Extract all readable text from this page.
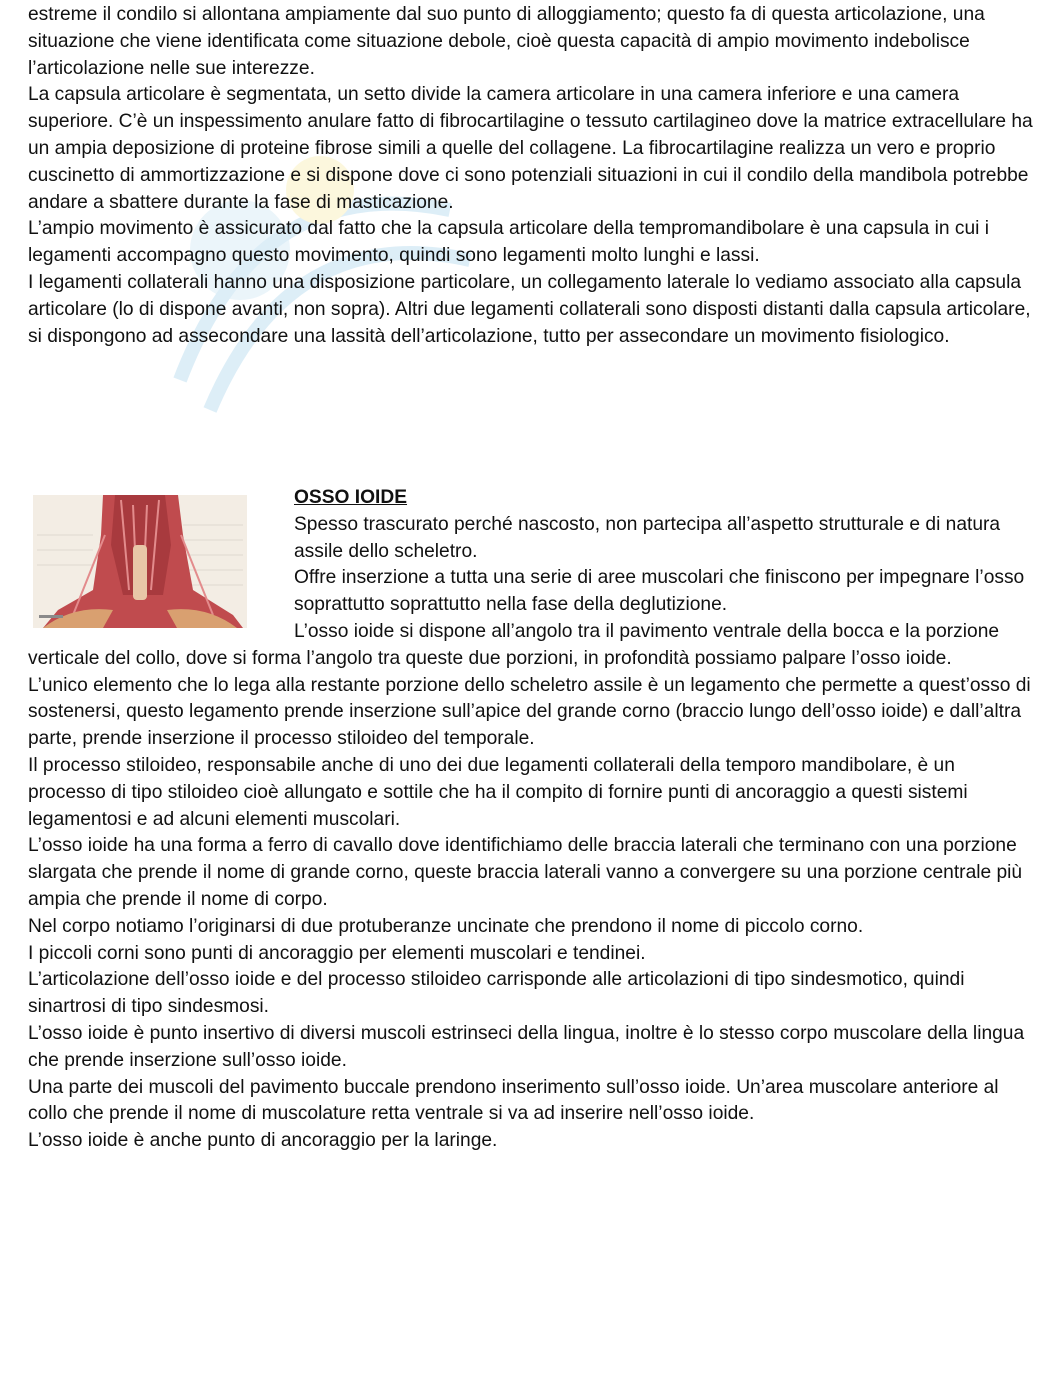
estreme il condilo si allontana ampiamente dal suo punto di alloggiamento; questo fa di questa articolazione, una situazione che viene identificata come situazione debole, cioè questa capacità di ampio movimento indebolisce l’articolazione nelle sue interezze.

La capsula articolare è segmentata, un setto divide la camera articolare in una camera inferiore e una camera superiore. C’è un inspessimento anulare fatto di fibrocartilagine o tessuto cartilagineo dove la matrice extracellulare ha un ampia deposizione di proteine fibrose simili a quelle del collagene. La fibrocartilagine realizza un vero e proprio cuscinetto di ammortizzazione e si dispone dove ci sono potenziali situazioni in cui il condilo della mandibola potrebbe andare a sbattere durante la fase di masticazione.

L’ampio movimento è assicurato dal fatto che la capsula articolare della tempromandibolare è una capsula in cui i legamenti accompagno questo movimento, quindi sono legamenti molto lunghi e lassi.

I legamenti collaterali hanno una disposizione particolare, un collegamento laterale lo vediamo associato alla capsula articolare (lo di dispone avanti, non sopra). Altri due legamenti collaterali sono disposti distanti dalla capsula articolare, si dispongono ad assecondare una lassità dell’articolazione, tutto per assecondare un movimento fisiologico.

OSSO IOIDE

Spesso trascurato perché nascosto, non partecipa all’aspetto strutturale e di natura assile dello scheletro.

Offre inserzione a tutta una serie di aree muscolari che finiscono per impegnare l’osso soprattutto soprattutto nella fase della deglutizione.

L’osso ioide si dispone all’angolo tra il pavimento ventrale della bocca e la porzione verticale del collo, dove si forma l’angolo tra queste due porzioni, in profondità possiamo palpare l’osso ioide.

L’unico elemento che lo lega alla restante porzione dello scheletro assile è un legamento che permette a quest’osso di sostenersi, questo legamento prende inserzione sull’apice del grande corno (braccio lungo dell’osso ioide) e dall’altra parte, prende inserzione il processo stiloideo del temporale.

Il processo stiloideo, responsabile anche di uno dei due legamenti collaterali della temporo mandibolare, è un processo di tipo stiloideo cioè allungato e sottile che ha il compito di fornire punti di ancoraggio a questi sistemi legamentosi e ad alcuni elementi muscolari.

L’osso ioide ha una forma a ferro di cavallo dove identifichiamo delle braccia laterali che terminano con una porzione slargata che prende il nome di grande corno, queste braccia laterali vanno a convergere su una porzione centrale più ampia che prende il nome di corpo.

Nel corpo notiamo l’originarsi di due protuberanze uncinate che prendono il nome di piccolo corno.

I piccoli corni sono punti di ancoraggio per elementi muscolari e tendinei.

L’articolazione dell’osso ioide e del processo stiloideo carrisponde alle articolazioni di tipo sindesmotico, quindi sinartrosi di tipo sindesmosi.

L’osso ioide è punto insertivo di diversi muscoli estrinseci della lingua, inoltre è lo stesso corpo muscolare della lingua che prende inserzione sull’osso ioide.

Una parte dei muscoli del pavimento buccale prendono inserimento sull’osso ioide. Un’area muscolare anteriore al collo che prende il nome di muscolature retta ventrale si va ad inserire nell’osso ioide.

L’osso ioide è anche punto di ancoraggio per la laringe.
